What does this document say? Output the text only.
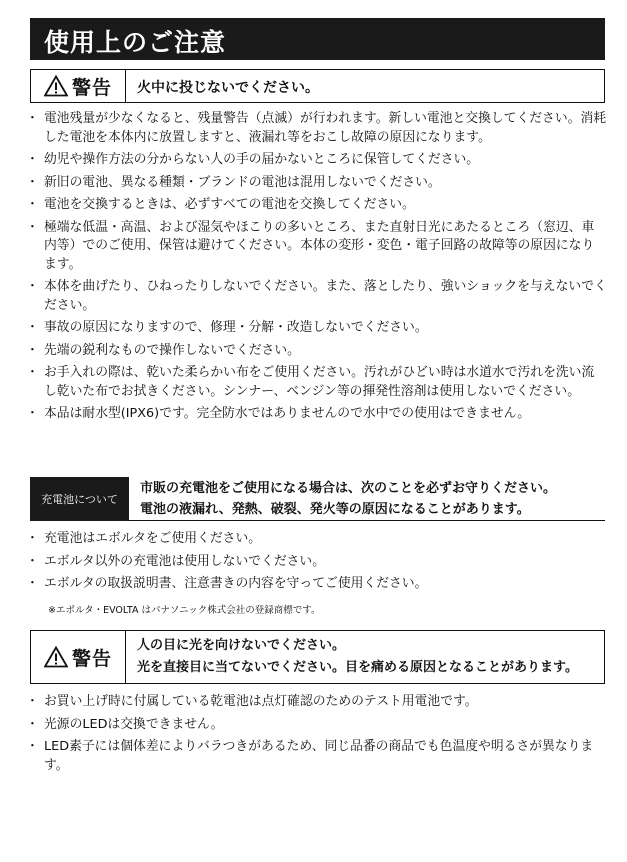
使用上のご注意
警告 火中に投じないでください。
・ 電池残量が少なくなると、残量警告（点滅）が行われます。新しい電池と交換してください。消耗した電池を本体内に放置しますと、液漏れ等をおこし故障の原因になります。
・ 幼児や操作方法の分からない人の手の届かないところに保管してください。
・ 新旧の電池、異なる種類・ブランドの電池は混用しないでください。
・ 電池を交換するときは、必ずすべての電池を交換してください。
・ 極端な低温・高温、および湿気やほこりの多いところ、また直射日光にあたるところ（窓辺、車内等）でのご使用、保管は避けてください。本体の変形・変色・電子回路の故障等の原因になります。
・ 本体を曲げたり、ひねったりしないでください。また、落としたり、強いショックを与えないでください。
・ 事故の原因になりますので、修理・分解・改造しないでください。
・ 先端の鋭利なもので操作しないでください。
・ お手入れの際は、乾いた柔らかい布をご使用ください。汚れがひどい時は水道水で汚れを洗い流し乾いた布でお拭きください。シンナー、ベンジン等の揮発性溶剤は使用しないでください。
・ 本品は耐水型(IPX6)です。完全防水ではありませんので水中での使用はできません。
充電池について
市販の充電池をご使用になる場合は、次のことを必ずお守りください。
電池の液漏れ、発熱、破裂、発火等の原因になることがあります。
・ 充電池はエボルタをご使用ください。
・ エボルタ以外の充電池は使用しないでください。
・ エボルタの取扱説明書、注意書きの内容を守ってご使用ください。
※エボルタ・EVOLTA はパナソニック株式会社の登録商標です。
警告
人の目に光を向けないでください。
光を直接目に当てないでください。目を痛める原因となることがあります。
・ お買い上げ時に付属している乾電池は点灯確認のためのテスト用電池です。
・ 光源のLEDは交換できません。
・ LED素子には個体差によりバラつきがあるため、同じ品番の商品でも色温度や明るさが異なります。
